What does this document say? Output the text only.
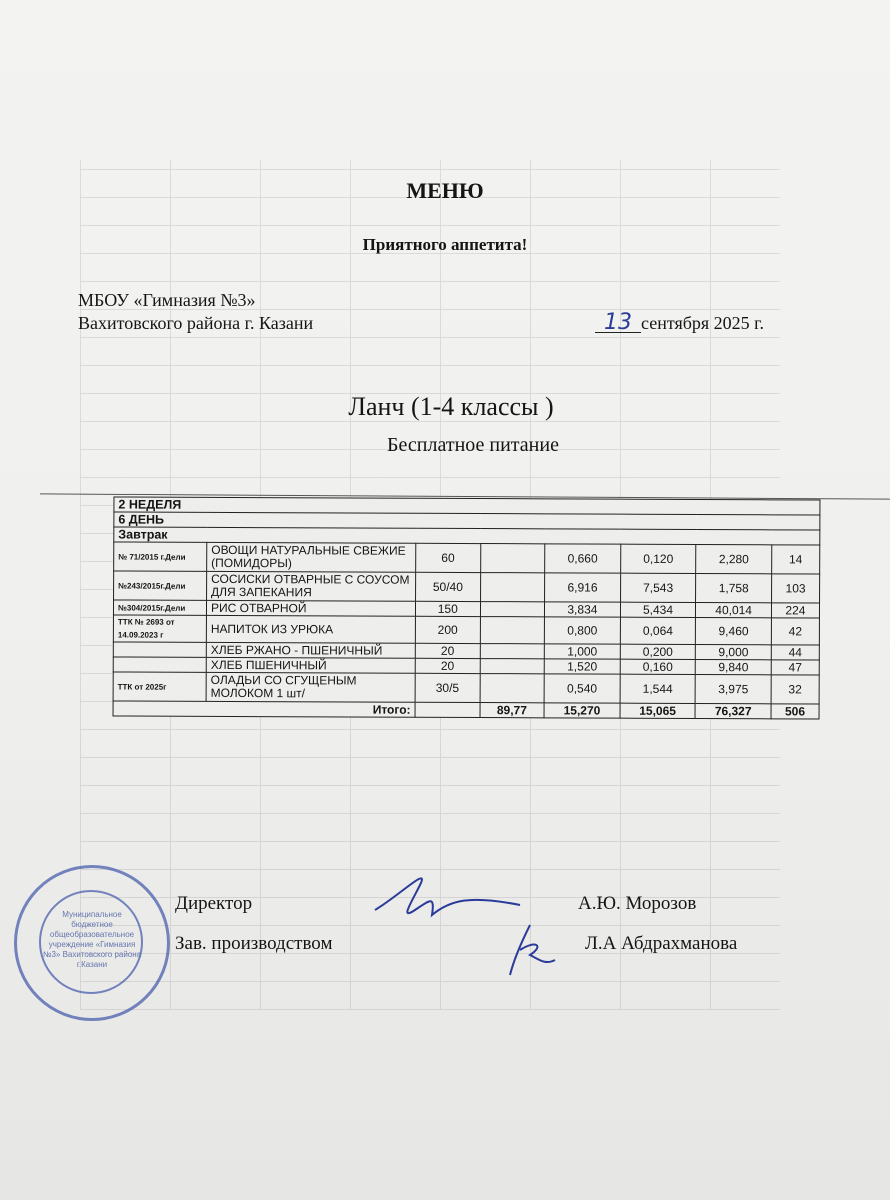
МЕНЮ
Приятного аппетита!
МБОУ «Гимназия №3»
Вахитовского района г. Казани	13 сентября 2025 г.
Ланч (1-4 классы )
Бесплатное питание
2 НЕДЕЛЯ							
6 ДЕНЬ							
Завтрак							
№ 71/2015 г.Дели	ОВОЩИ НАТУРАЛЬНЫЕ СВЕЖИЕ (ПОМИДОРЫ)	60		0,660	0,120	2,280	14
№243/2015г.Дели	СОСИСКИ ОТВАРНЫЕ С СОУСОМ ДЛЯ ЗАПЕКАНИЯ	50/40		6,916	7,543	1,758	103
№304/2015г.Дели	РИС ОТВАРНОЙ	150		3,834	5,434	40,014	224
ТТК № 2693 от 14.09.2023 г	НАПИТОК ИЗ УРЮКА	200		0,800	0,064	9,460	42
	ХЛЕБ РЖАНО - ПШЕНИЧНЫЙ	20		1,000	0,200	9,000	44
	ХЛЕБ ПШЕНИЧНЫЙ	20		1,520	0,160	9,840	47
ТТК от 2025г	ОЛАДЬИ СО СГУЩЕНЫМ МОЛОКОМ 1 шт/	30/5		0,540	1,544	3,975	32
Итого:			89,77	15,270	15,065	76,327	506
Муниципальное бюджетное общеобразовательное учреждение «Гимназия №3» Вахитовского района г.Казани
Директор	А.Ю. Морозов
Зав. производством	Л.А Абдрахманова
